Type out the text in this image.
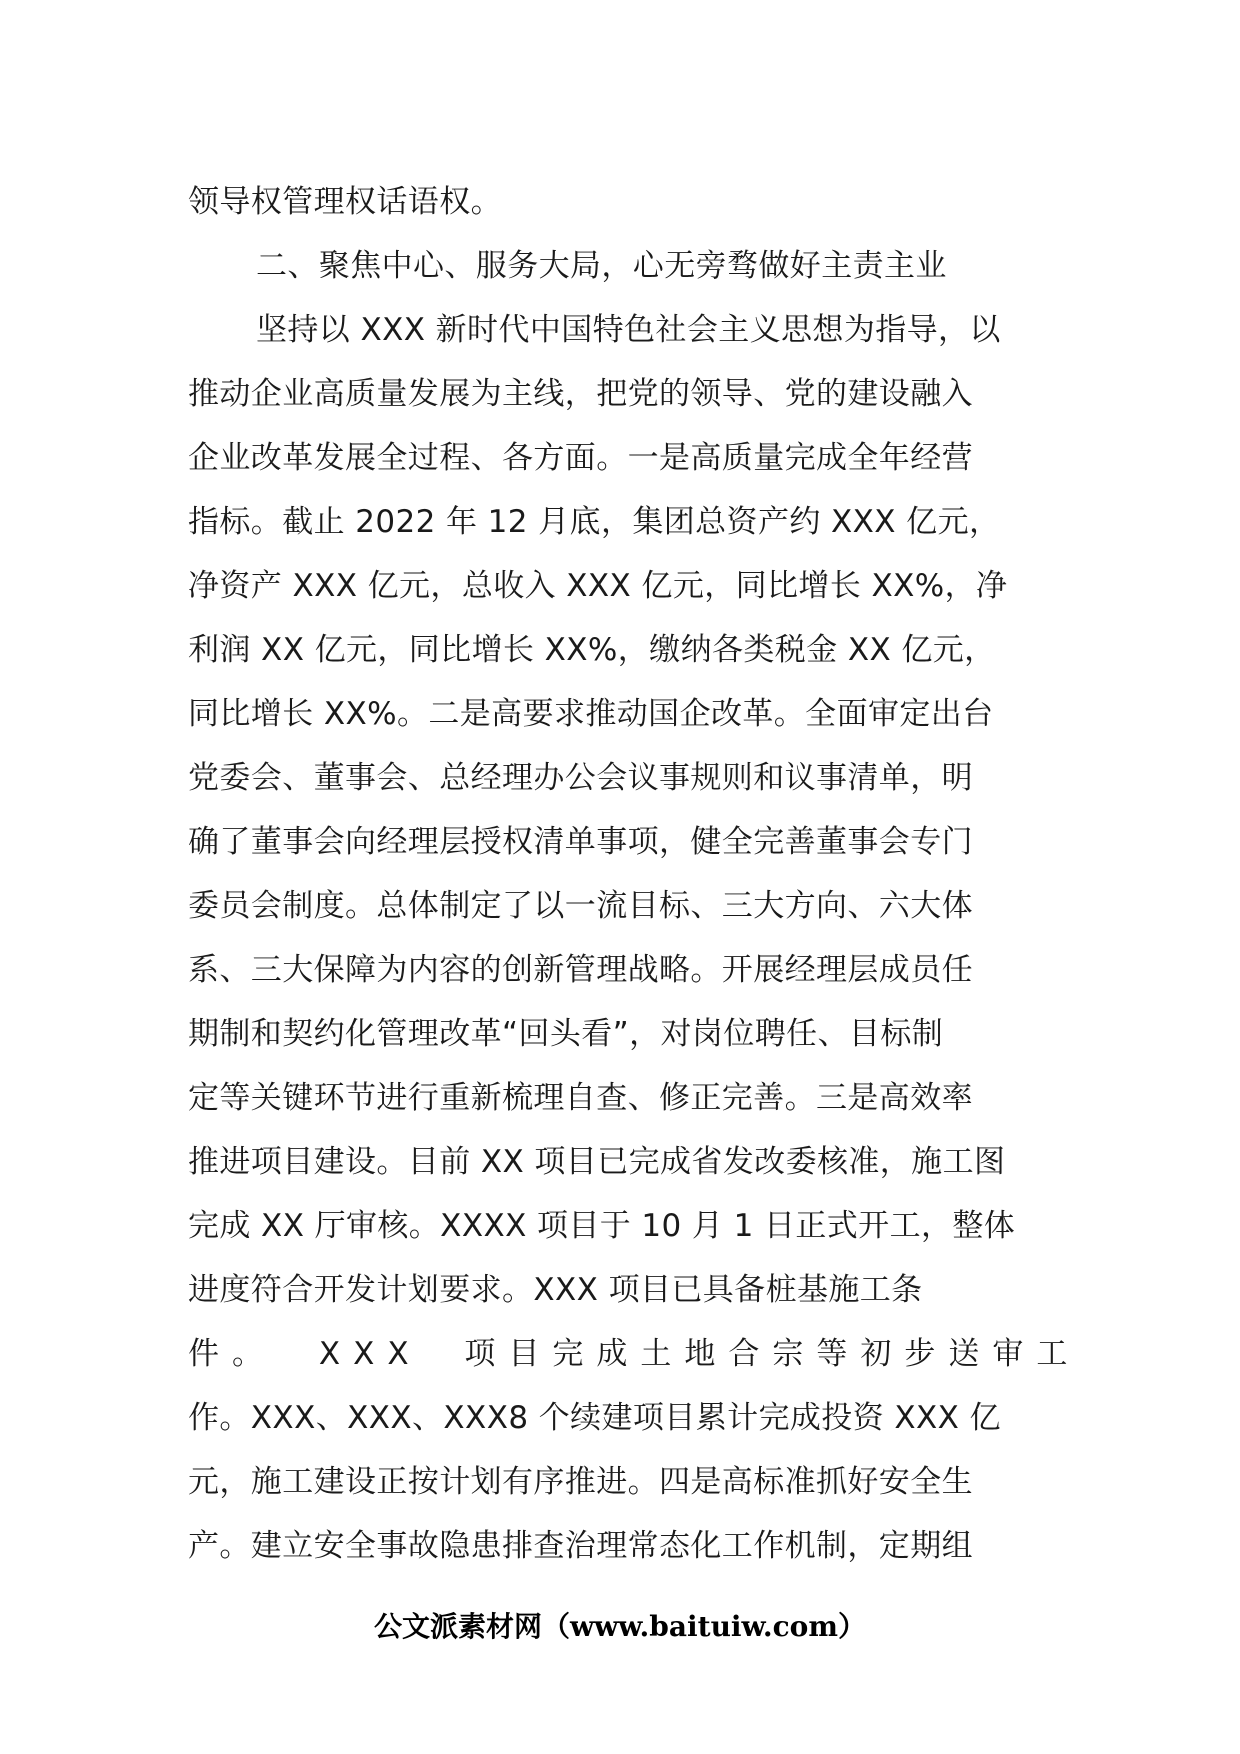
领导权管理权话语权。
二、聚焦中心、服务大局，心无旁骛做好主责主业
坚持以 XXX 新时代中国特色社会主义思想为指导，以
推动企业高质量发展为主线，把党的领导、党的建设融入
企业改革发展全过程、各方面。一是高质量完成全年经营
指标。截止 2022 年 12 月底，集团总资产约 XXX 亿元，
净资产 XXX 亿元，总收入 XXX 亿元，同比增长 XX%，净
利润 XX 亿元，同比增长 XX%，缴纳各类税金 XX 亿元，
同比增长 XX%。二是高要求推动国企改革。全面审定出台
党委会、董事会、总经理办公会议事规则和议事清单，明
确了董事会向经理层授权清单事项，健全完善董事会专门
委员会制度。总体制定了以一流目标、三大方向、六大体
系、三大保障为内容的创新管理战略。开展经理层成员任
期制和契约化管理改革“回头看”，对岗位聘任、目标制
定等关键环节进行重新梳理自查、修正完善。三是高效率
推进项目建设。目前 XX 项目已完成省发改委核准，施工图
完成 XX 厅审核。XXXX 项目于 10 月 1 日正式开工，整体
进度符合开发计划要求。XXX 项目已具备桩基施工条
件。 XXX 项目完成土地合宗等初步送审工
作。XXX、XXX、XXX8 个续建项目累计完成投资 XXX 亿
元，施工建设正按计划有序推进。四是高标准抓好安全生
产。建立安全事故隐患排查治理常态化工作机制，定期组
公文派素材网（www.baituiw.com）
